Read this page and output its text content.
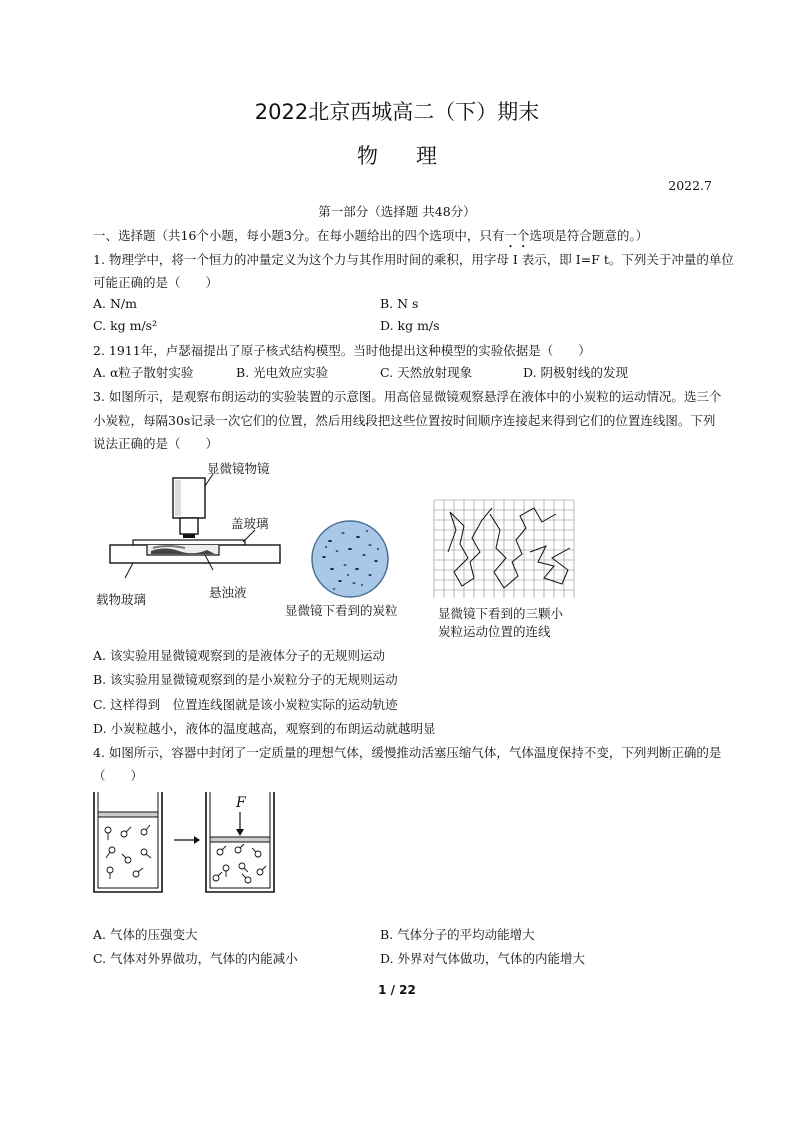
2022北京西城高二（下）期末
物理
2022.7
第一部分（选择题 共48分）
一、选择题（共16个小题，每小题3分。在每小题给出的四个选项中，只有一个选项是符合题意的。）
1. 物理学中，将一个恒力的冲量定义为这个力与其作用时间的乘积，用字母 I 表示，即 I=F t。下列关于冲量的单位
可能正确的是（　　）
A. N/m	B. N s
C. kg m/s²	D. kg m/s
2. 1911年，卢瑟福提出了原子核式结构模型。当时他提出这种模型的实验依据是（　　）
A. α粒子散射实验	B. 光电效应实验	C. 天然放射现象	D. 阴极射线的发现
3. 如图所示，是观察布朗运动的实验装置的示意图。用高倍显微镜观察悬浮在液体中的小炭粒的运动情况。选三个
小炭粒，每隔30s记录一次它们的位置，然后用线段把这些位置按时间顺序连接起来得到它们的位置连线图。下列
说法正确的是（　　）
显微镜物镜
盖玻璃
载物玻璃	悬浊液
显微镜下看到的炭粒	显微镜下看到的三颗小
炭粒运动位置的连线
A. 该实验用显微镜观察到的是液体分子的无规则运动
B. 该实验用显微镜观察到的是小炭粒分子的无规则运动
C. 这样得到　位置连线图就是该小炭粒实际的运动轨迹
D. 小炭粒越小，液体的温度越高，观察到的布朗运动就越明显
4. 如图所示，容器中封闭了一定质量的理想气体，缓慢推动活塞压缩气体，气体温度保持不变，下列判断正确的是
（　　）
F
A. 气体的压强变大	B. 气体分子的平均动能增大
C. 气体对外界做功，气体的内能减小	D. 外界对气体做功，气体的内能增大
1 / 22
